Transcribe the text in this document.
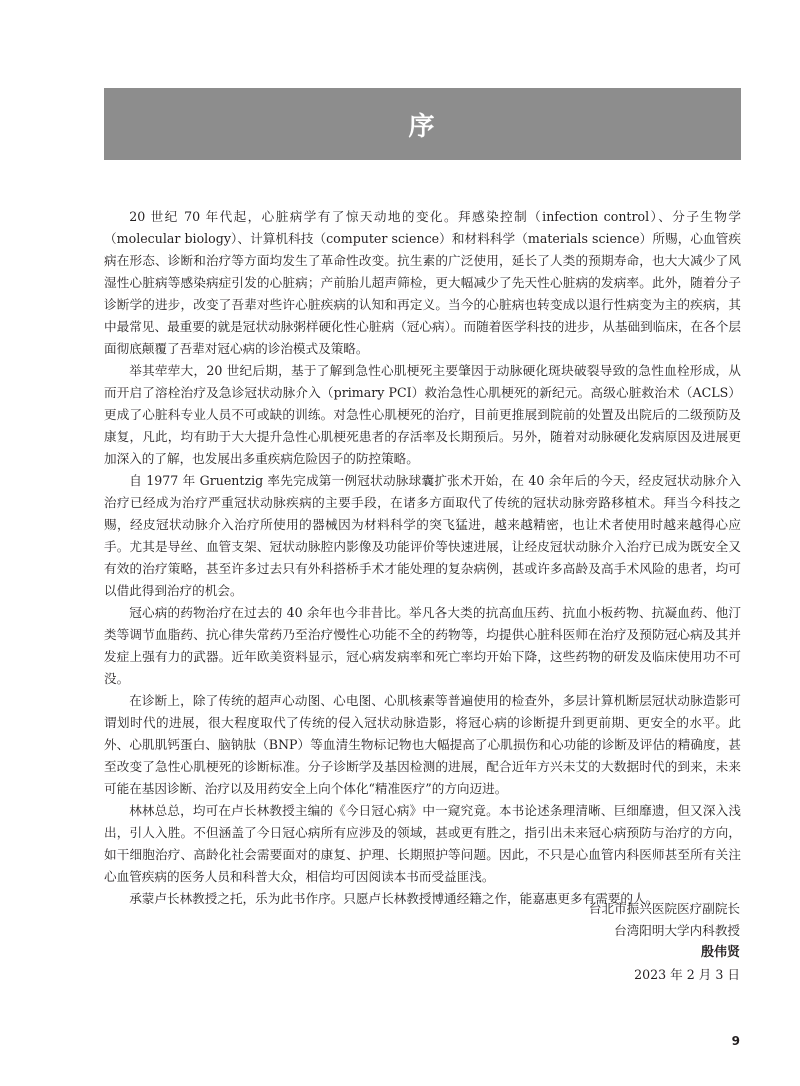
序

20 世纪 70 年代起，心脏病学有了惊天动地的变化。拜感染控制（infection control）、分子生物学（molecular biology）、计算机科技（computer science）和材料科学（materials science）所赐，心血管疾病在形态、诊断和治疗等方面均发生了革命性改变。抗生素的广泛使用，延长了人类的预期寿命，也大大减少了风湿性心脏病等感染病症引发的心脏病；产前胎儿超声筛检，更大幅减少了先天性心脏病的发病率。此外，随着分子诊断学的进步，改变了吾辈对些许心脏疾病的认知和再定义。当今的心脏病也转变成以退行性病变为主的疾病，其中最常见、最重要的就是冠状动脉粥样硬化性心脏病（冠心病）。而随着医学科技的进步，从基础到临床，在各个层面彻底颠覆了吾辈对冠心病的诊治模式及策略。

举其荦荦大，20 世纪后期，基于了解到急性心肌梗死主要肇因于动脉硬化斑块破裂导致的急性血栓形成，从而开启了溶栓治疗及急诊冠状动脉介入（primary PCI）救治急性心肌梗死的新纪元。高级心脏救治术（ACLS）更成了心脏科专业人员不可或缺的训练。对急性心肌梗死的治疗，目前更推展到院前的处置及出院后的二级预防及康复，凡此，均有助于大大提升急性心肌梗死患者的存活率及长期预后。另外，随着对动脉硬化发病原因及进展更加深入的了解，也发展出多重疾病危险因子的防控策略。

自 1977 年 Gruentzig 率先完成第一例冠状动脉球囊扩张术开始，在 40 余年后的今天，经皮冠状动脉介入治疗已经成为治疗严重冠状动脉疾病的主要手段，在诸多方面取代了传统的冠状动脉旁路移植术。拜当今科技之赐，经皮冠状动脉介入治疗所使用的器械因为材料科学的突飞猛进，越来越精密，也让术者使用时越来越得心应手。尤其是导丝、血管支架、冠状动脉腔内影像及功能评价等快速进展，让经皮冠状动脉介入治疗已成为既安全又有效的治疗策略，甚至许多过去只有外科搭桥手术才能处理的复杂病例，甚或许多高龄及高手术风险的患者，均可以借此得到治疗的机会。

冠心病的药物治疗在过去的 40 余年也今非昔比。举凡各大类的抗高血压药、抗血小板药物、抗凝血药、他汀类等调节血脂药、抗心律失常药乃至治疗慢性心功能不全的药物等，均提供心脏科医师在治疗及预防冠心病及其并发症上强有力的武器。近年欧美资料显示，冠心病发病率和死亡率均开始下降，这些药物的研发及临床使用功不可没。

在诊断上，除了传统的超声心动图、心电图、心肌核素等普遍使用的检查外，多层计算机断层冠状动脉造影可谓划时代的进展，很大程度取代了传统的侵入冠状动脉造影，将冠心病的诊断提升到更前期、更安全的水平。此外、心肌肌钙蛋白、脑钠肽（BNP）等血清生物标记物也大幅提高了心肌损伤和心功能的诊断及评估的精确度，甚至改变了急性心肌梗死的诊断标准。分子诊断学及基因检测的进展，配合近年方兴未艾的大数据时代的到来，未来可能在基因诊断、治疗以及用药安全上向个体化“精准医疗”的方向迈进。

林林总总，均可在卢长林教授主编的《今日冠心病》中一窥究竟。本书论述条理清晰、巨细靡遗，但又深入浅出，引人入胜。不但涵盖了今日冠心病所有应涉及的领域，甚或更有胜之，指引出未来冠心病预防与治疗的方向，如干细胞治疗、高龄化社会需要面对的康复、护理、长期照护等问题。因此，不只是心血管内科医师甚至所有关注心血管疾病的医务人员和科普大众，相信均可因阅读本书而受益匪浅。

承蒙卢长林教授之托，乐为此书作序。只愿卢长林教授博通经籍之作，能嘉惠更多有需要的人。

台北市振兴医院医疗副院长

台湾阳明大学内科教授

殷伟贤

2023 年 2 月 3 日

9
